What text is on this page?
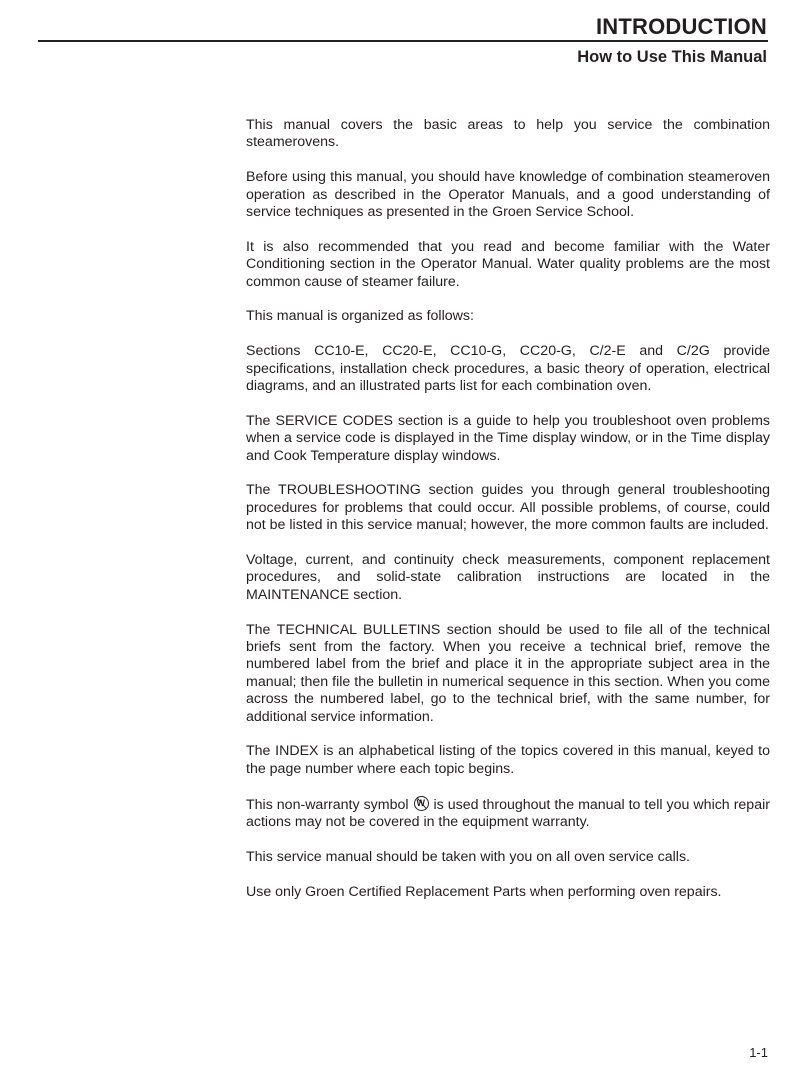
INTRODUCTION
How to Use This Manual

This manual covers the basic areas to help you service the combination steamerovens.

Before using this manual, you should have knowledge of combination steameroven operation as described in the Operator Manuals, and a good understanding of service techniques as presented in the Groen Service School.

It is also recommended that you read and become familiar with the Water Conditioning section in the Operator Manual. Water quality problems are the most common cause of steamer failure.

This manual is organized as follows:

Sections CC10-E, CC20-E, CC10-G, CC20-G, C/2-E and C/2G provide specifications, installation check procedures, a basic theory of operation, electrical diagrams, and an illustrated parts list for each combination oven.

The SERVICE CODES section is a guide to help you troubleshoot oven problems when a service code is displayed in the Time display window, or in the Time display and Cook Temperature display windows.

The TROUBLESHOOTING section guides you through general troubleshooting procedures for problems that could occur. All possible problems, of course, could not be listed in this service manual; however, the more common faults are included.

Voltage, current, and continuity check measurements, component replacement procedures, and solid-state calibration instructions are located in the MAINTENANCE section.

The TECHNICAL BULLETINS section should be used to file all of the technical briefs sent from the factory. When you receive a technical brief, remove the numbered label from the brief and place it in the appropriate subject area in the manual; then file the bulletin in numerical sequence in this section. When you come across the numbered label, go to the technical brief, with the same number, for additional service information.

The INDEX is an alphabetical listing of the topics covered in this manual, keyed to the page number where each topic begins.

This non-warranty symbol W is used throughout the manual to tell you which repair actions may not be covered in the equipment warranty.

This service manual should be taken with you on all oven service calls.

Use only Groen Certified Replacement Parts when performing oven repairs.

1-1
